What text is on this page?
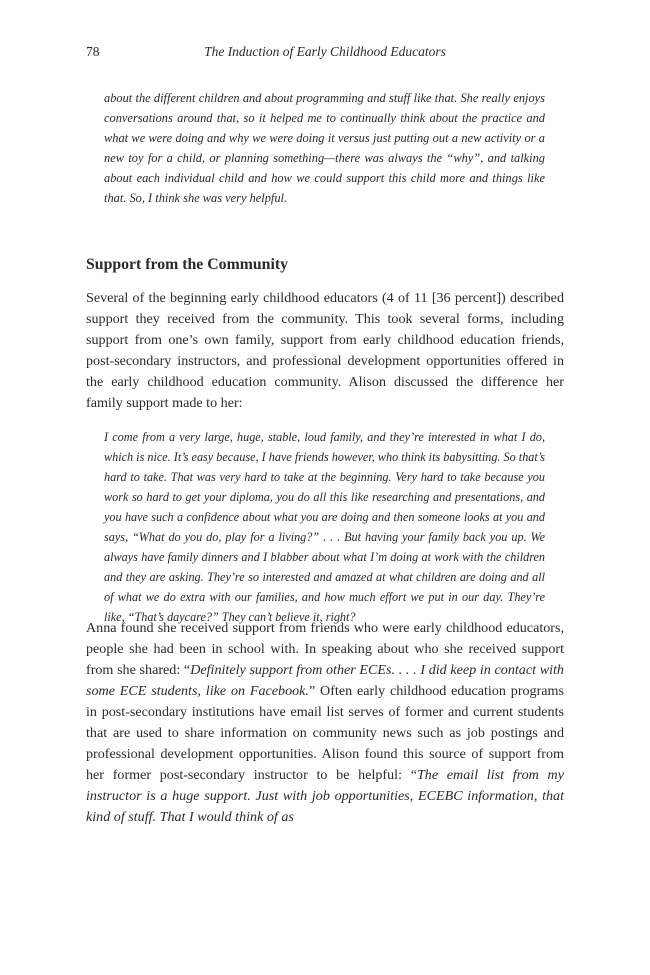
78	The Induction of Early Childhood Educators

about the different children and about programming and stuff like that. She really enjoys conversations around that, so it helped me to continually think about the practice and what we were doing and why we were doing it versus just putting out a new activity or a new toy for a child, or planning something—there was always the “why”, and talking about each individual child and how we could support this child more and things like that. So, I think she was very helpful.

Support from the Community

Several of the beginning early childhood educators (4 of 11 [36 percent]) described support they received from the community. This took several forms, including support from one’s own family, support from early childhood education friends, post-secondary instructors, and professional development opportunities offered in the early childhood education community. Alison discussed the difference her family support made to her:

I come from a very large, huge, stable, loud family, and they’re interested in what I do, which is nice. It’s easy because, I have friends however, who think its babysitting. So that’s hard to take. That was very hard to take at the beginning. Very hard to take because you work so hard to get your diploma, you do all this like researching and presentations, and you have such a confidence about what you are doing and then someone looks at you and says, “What do you do, play for a living?” . . . But having your family back you up. We always have family dinners and I blabber about what I’m doing at work with the children and they are asking. They’re so interested and amazed at what children are doing and all of what we do extra with our families, and how much effort we put in our day. They’re like, “That’s daycare?” They can’t believe it, right?

Anna found she received support from friends who were early childhood educators, people she had been in school with. In speaking about who she received support from she shared: “Definitely support from other ECEs. . . . I did keep in contact with some ECE students, like on Facebook.” Often early childhood education programs in post-secondary institutions have email list serves of former and current students that are used to share information on community news such as job postings and professional development opportunities. Alison found this source of support from her former post-secondary instructor to be helpful: “The email list from my instructor is a huge support. Just with job opportunities, ECEBC information, that kind of stuff. That I would think of as
